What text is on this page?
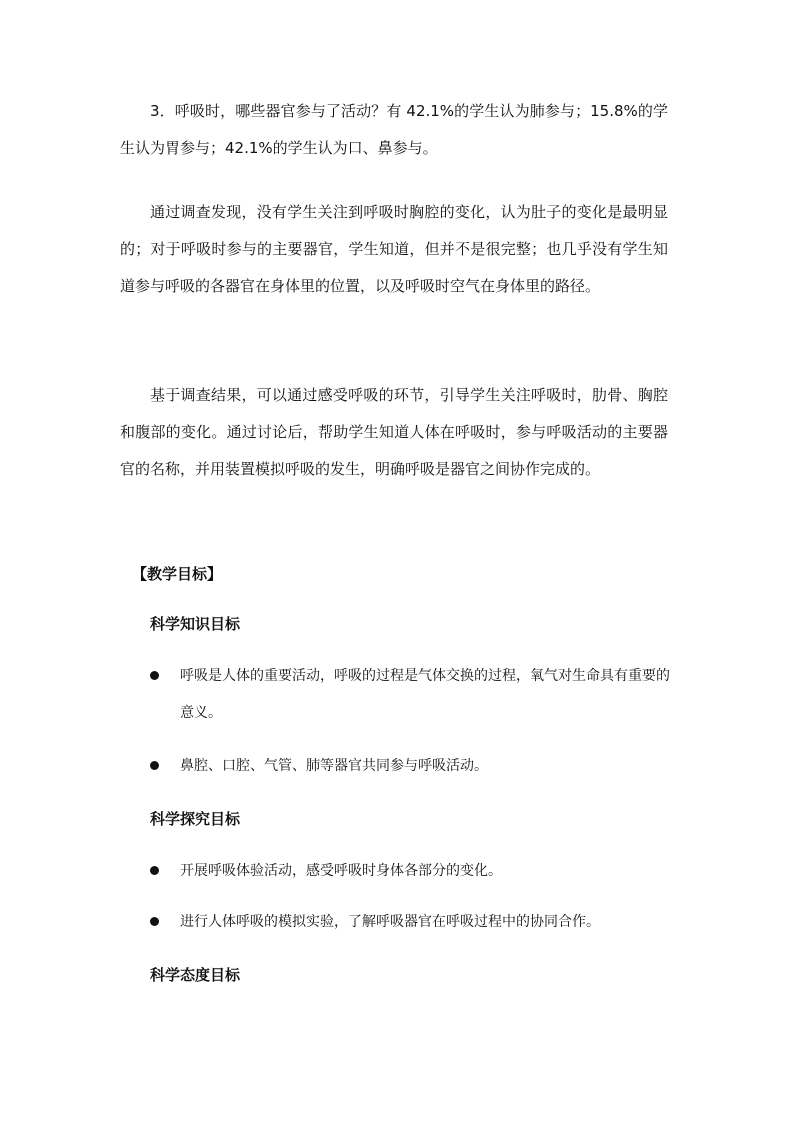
3．呼吸时，哪些器官参与了活动？有 42.1%的学生认为肺参与；15.8%的学生认为胃参与；42.1%的学生认为口、鼻参与。

通过调查发现，没有学生关注到呼吸时胸腔的变化，认为肚子的变化是最明显的；对于呼吸时参与的主要器官，学生知道，但并不是很完整；也几乎没有学生知道参与呼吸的各器官在身体里的位置，以及呼吸时空气在身体里的路径。

基于调查结果，可以通过感受呼吸的环节，引导学生关注呼吸时，肋骨、胸腔和腹部的变化。通过讨论后，帮助学生知道人体在呼吸时，参与呼吸活动的主要器官的名称，并用装置模拟呼吸的发生，明确呼吸是器官之间协作完成的。

【教学目标】

科学知识目标

呼吸是人体的重要活动，呼吸的过程是气体交换的过程，氧气对生命具有重要的意义。
鼻腔、口腔、气管、肺等器官共同参与呼吸活动。

科学探究目标

开展呼吸体验活动，感受呼吸时身体各部分的变化。
进行人体呼吸的模拟实验，了解呼吸器官在呼吸过程中的协同合作。

科学态度目标
